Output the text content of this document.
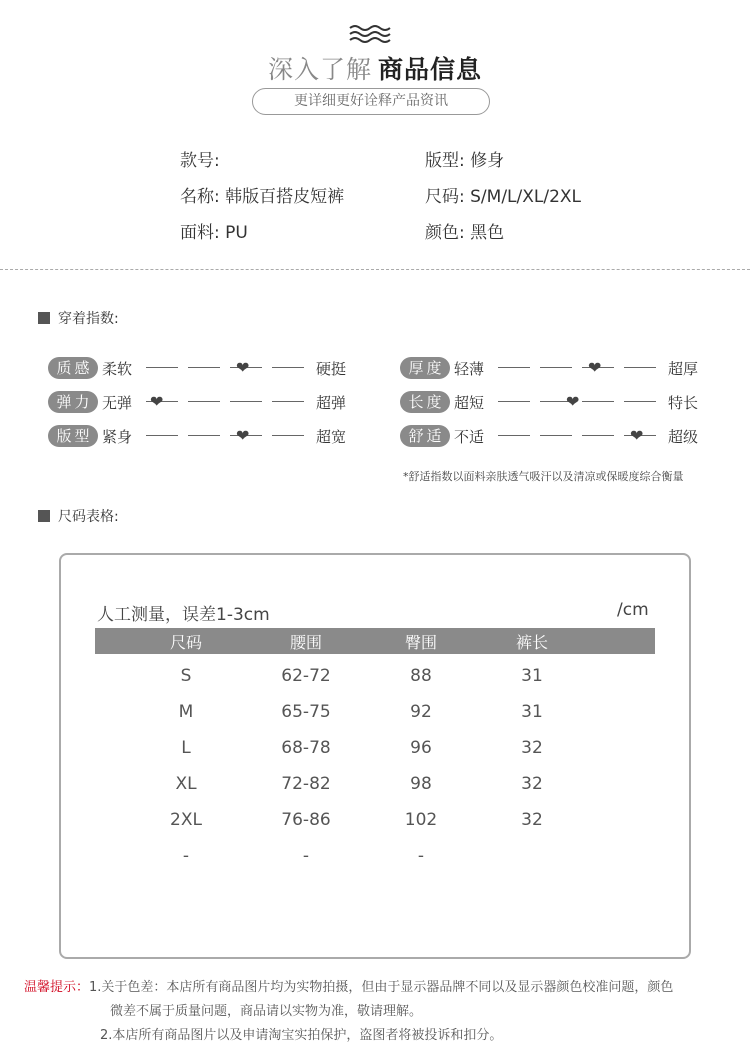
深入了解 商品信息
更详细更好诠释产品资讯
款号:
名称: 韩版百搭皮短裤
面料: PU
版型: 修身
尺码: S/M/L/XL/2XL
颜色: 黑色
穿着指数:
质感 柔软	❤	硬挺
弹力 无弹	❤	超弹
版型 紧身	❤	超宽
厚度 轻薄	❤	超厚
长度 超短	❤	特长
舒适 不适	❤ 超级
*舒适指数以面料亲肤透气吸汗以及清凉或保暖度综合衡量
尺码表格:
人工测量，误差1-3cm	/cm
尺码	腰围	臀围	裤长
S	62-72	88	31
M	65-75	92	31
L	68-78	96	32
XL	72-82	98	32
2XL	76-86	102	32
-	-	-
温馨提示：1.关于色差：本店所有商品图片均为实物拍摄，但由于显示器品牌不同以及显示器颜色校准问题，颜色
微差不属于质量问题，商品请以实物为准，敬请理解。
2.本店所有商品图片以及申请淘宝实拍保护，盗图者将被投诉和扣分。
